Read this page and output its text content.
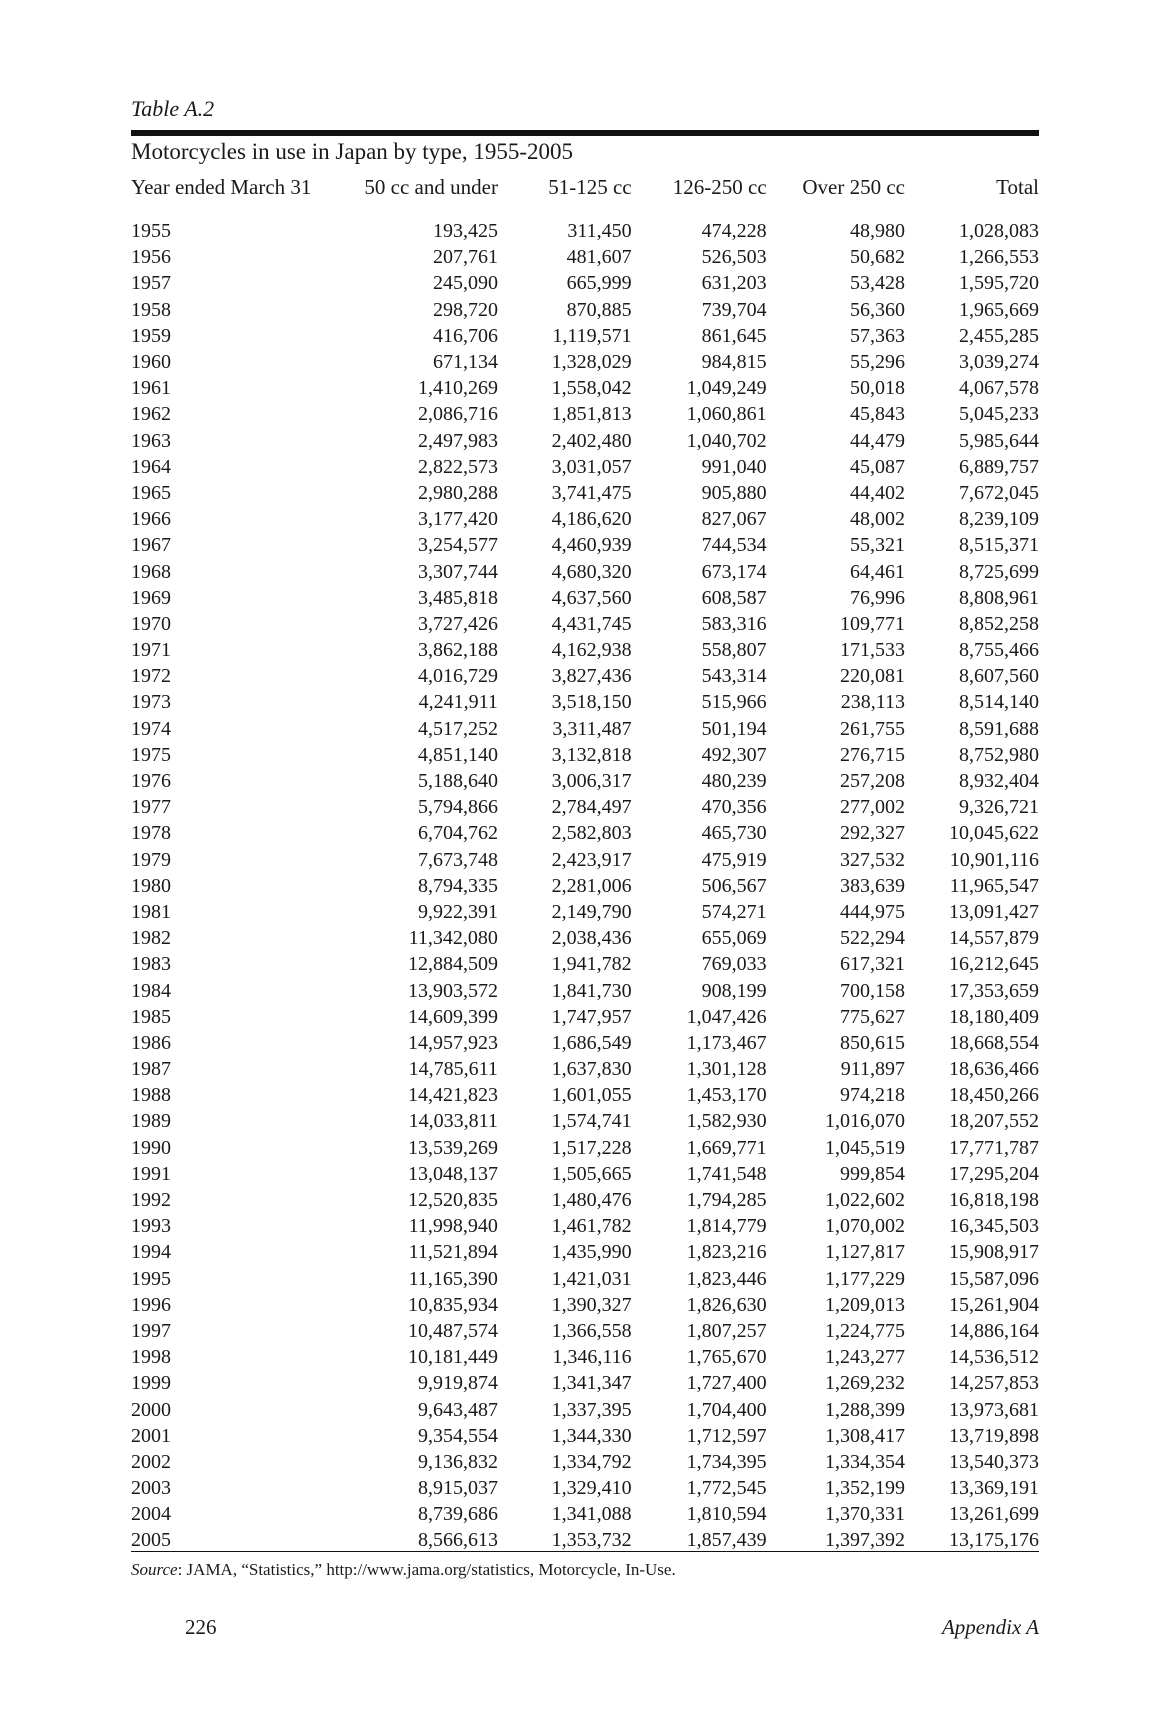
Table A.2
Motorcycles in use in Japan by type, 1955-2005
Year ended March 31	50 cc and under	51-125 cc	126-250 cc	Over 250 cc	Total

1955	193,425	311,450	474,228	48,980	1,028,083
1956	207,761	481,607	526,503	50,682	1,266,553
1957	245,090	665,999	631,203	53,428	1,595,720
1958	298,720	870,885	739,704	56,360	1,965,669
1959	416,706	1,119,571	861,645	57,363	2,455,285
1960	671,134	1,328,029	984,815	55,296	3,039,274
1961	1,410,269	1,558,042	1,049,249	50,018	4,067,578
1962	2,086,716	1,851,813	1,060,861	45,843	5,045,233
1963	2,497,983	2,402,480	1,040,702	44,479	5,985,644
1964	2,822,573	3,031,057	991,040	45,087	6,889,757
1965	2,980,288	3,741,475	905,880	44,402	7,672,045
1966	3,177,420	4,186,620	827,067	48,002	8,239,109
1967	3,254,577	4,460,939	744,534	55,321	8,515,371
1968	3,307,744	4,680,320	673,174	64,461	8,725,699
1969	3,485,818	4,637,560	608,587	76,996	8,808,961
1970	3,727,426	4,431,745	583,316	109,771	8,852,258
1971	3,862,188	4,162,938	558,807	171,533	8,755,466
1972	4,016,729	3,827,436	543,314	220,081	8,607,560
1973	4,241,911	3,518,150	515,966	238,113	8,514,140
1974	4,517,252	3,311,487	501,194	261,755	8,591,688
1975	4,851,140	3,132,818	492,307	276,715	8,752,980
1976	5,188,640	3,006,317	480,239	257,208	8,932,404
1977	5,794,866	2,784,497	470,356	277,002	9,326,721
1978	6,704,762	2,582,803	465,730	292,327	10,045,622
1979	7,673,748	2,423,917	475,919	327,532	10,901,116
1980	8,794,335	2,281,006	506,567	383,639	11,965,547
1981	9,922,391	2,149,790	574,271	444,975	13,091,427
1982	11,342,080	2,038,436	655,069	522,294	14,557,879
1983	12,884,509	1,941,782	769,033	617,321	16,212,645
1984	13,903,572	1,841,730	908,199	700,158	17,353,659
1985	14,609,399	1,747,957	1,047,426	775,627	18,180,409
1986	14,957,923	1,686,549	1,173,467	850,615	18,668,554
1987	14,785,611	1,637,830	1,301,128	911,897	18,636,466
1988	14,421,823	1,601,055	1,453,170	974,218	18,450,266
1989	14,033,811	1,574,741	1,582,930	1,016,070	18,207,552
1990	13,539,269	1,517,228	1,669,771	1,045,519	17,771,787
1991	13,048,137	1,505,665	1,741,548	999,854	17,295,204
1992	12,520,835	1,480,476	1,794,285	1,022,602	16,818,198
1993	11,998,940	1,461,782	1,814,779	1,070,002	16,345,503
1994	11,521,894	1,435,990	1,823,216	1,127,817	15,908,917
1995	11,165,390	1,421,031	1,823,446	1,177,229	15,587,096
1996	10,835,934	1,390,327	1,826,630	1,209,013	15,261,904
1997	10,487,574	1,366,558	1,807,257	1,224,775	14,886,164
1998	10,181,449	1,346,116	1,765,670	1,243,277	14,536,512
1999	9,919,874	1,341,347	1,727,400	1,269,232	14,257,853
2000	9,643,487	1,337,395	1,704,400	1,288,399	13,973,681
2001	9,354,554	1,344,330	1,712,597	1,308,417	13,719,898
2002	9,136,832	1,334,792	1,734,395	1,334,354	13,540,373
2003	8,915,037	1,329,410	1,772,545	1,352,199	13,369,191
2004	8,739,686	1,341,088	1,810,594	1,370,331	13,261,699
2005	8,566,613	1,353,732	1,857,439	1,397,392	13,175,176
Source: JAMA, “Statistics,” http://www.jama.org/statistics, Motorcycle, In-Use.
226	Appendix A
